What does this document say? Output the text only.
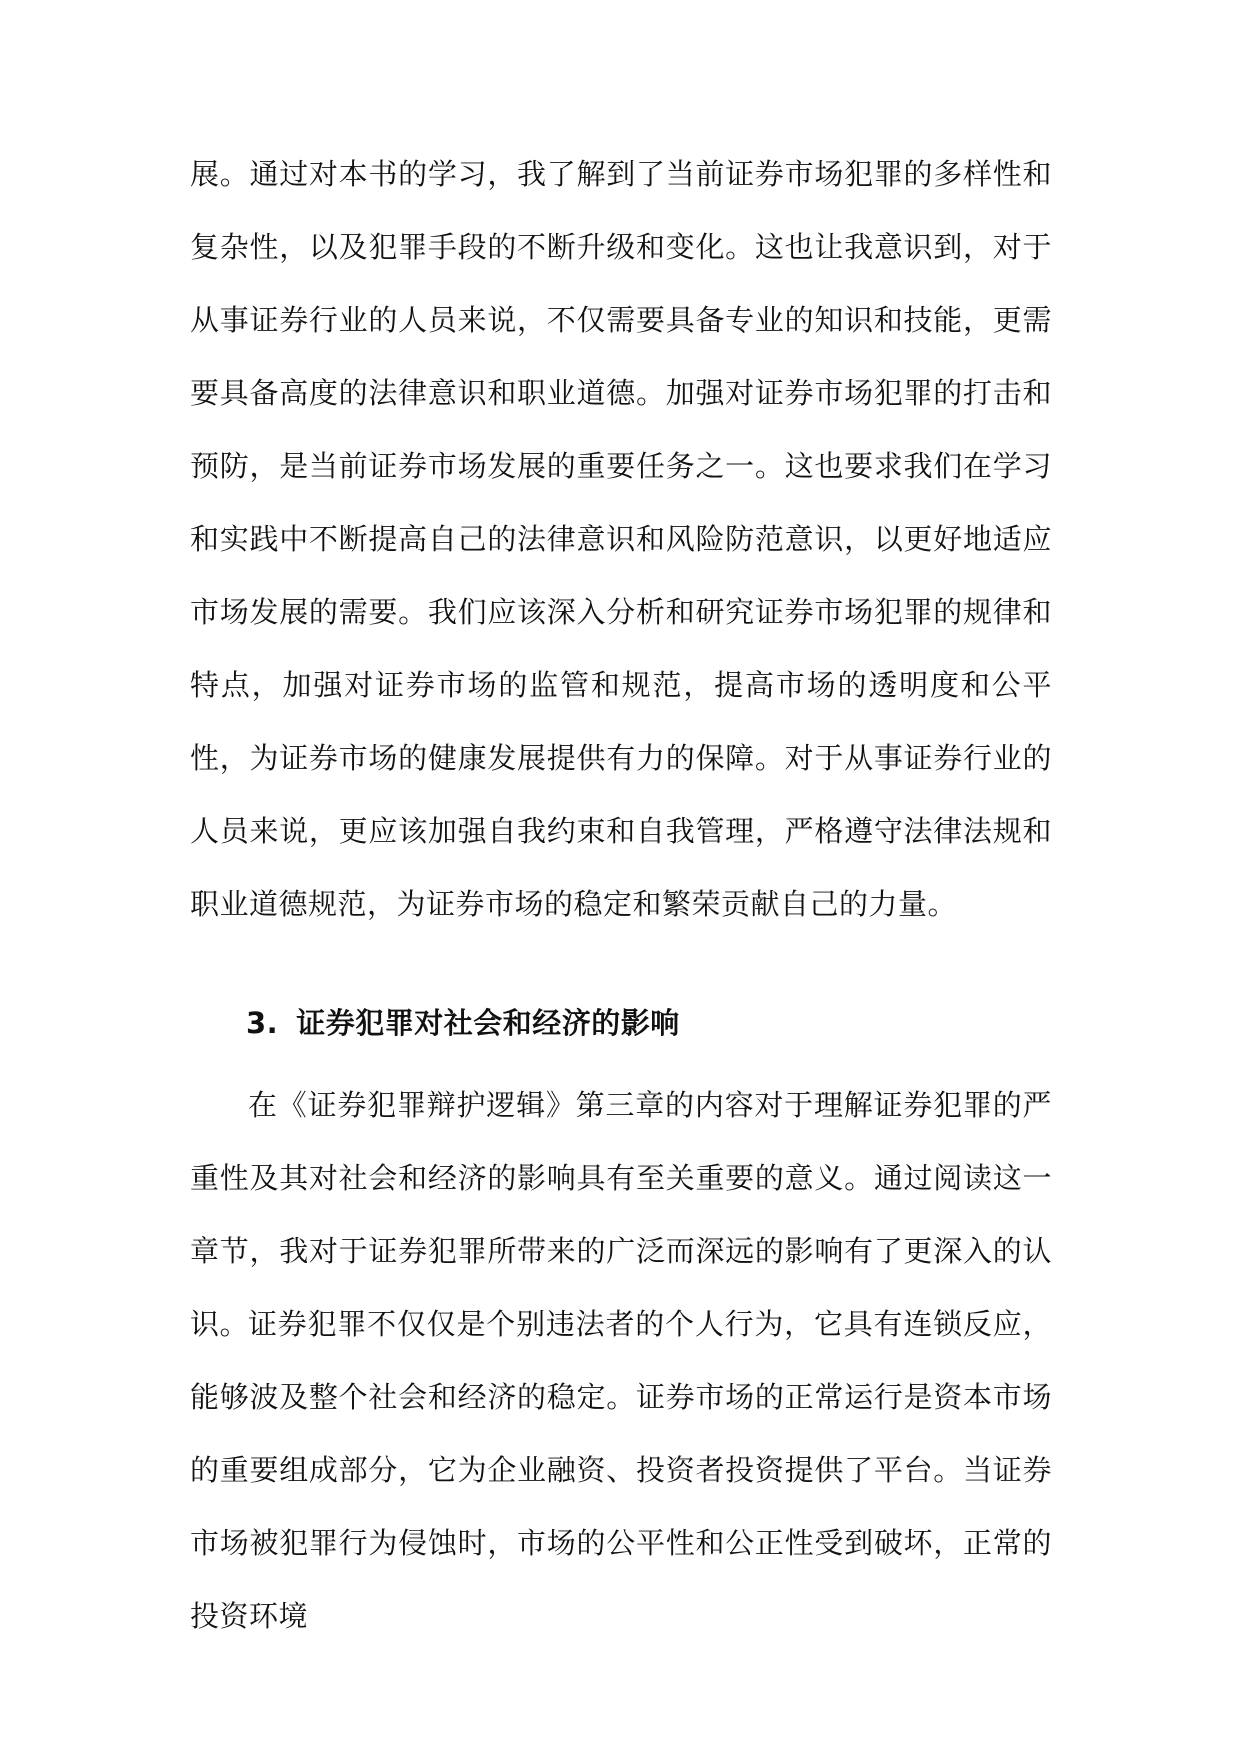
展。通过对本书的学习，我了解到了当前证券市场犯罪的多样性和复杂性，以及犯罪手段的不断升级和变化。这也让我意识到，对于从事证券行业的人员来说，不仅需要具备专业的知识和技能，更需要具备高度的法律意识和职业道德。加强对证券市场犯罪的打击和预防，是当前证券市场发展的重要任务之一。这也要求我们在学习和实践中不断提高自己的法律意识和风险防范意识，以更好地适应市场发展的需要。我们应该深入分析和研究证券市场犯罪的规律和特点，加强对证券市场的监管和规范，提高市场的透明度和公平性，为证券市场的健康发展提供有力的保障。对于从事证券行业的人员来说，更应该加强自我约束和自我管理，严格遵守法律法规和职业道德规范，为证券市场的稳定和繁荣贡献自己的力量。

3. 证券犯罪对社会和经济的影响

在《证券犯罪辩护逻辑》第三章的内容对于理解证券犯罪的严重性及其对社会和经济的影响具有至关重要的意义。通过阅读这一章节，我对于证券犯罪所带来的广泛而深远的影响有了更深入的认识。

证券犯罪不仅仅是个别违法者的个人行为，它具有连锁反应，能够波及整个社会和经济的稳定。证券市场的正常运行是资本市场的重要组成部分，它为企业融资、投资者投资提供了平台。当证券市场被犯罪行为侵蚀时，市场的公平性和公正性受到破坏，正常的投资环境
